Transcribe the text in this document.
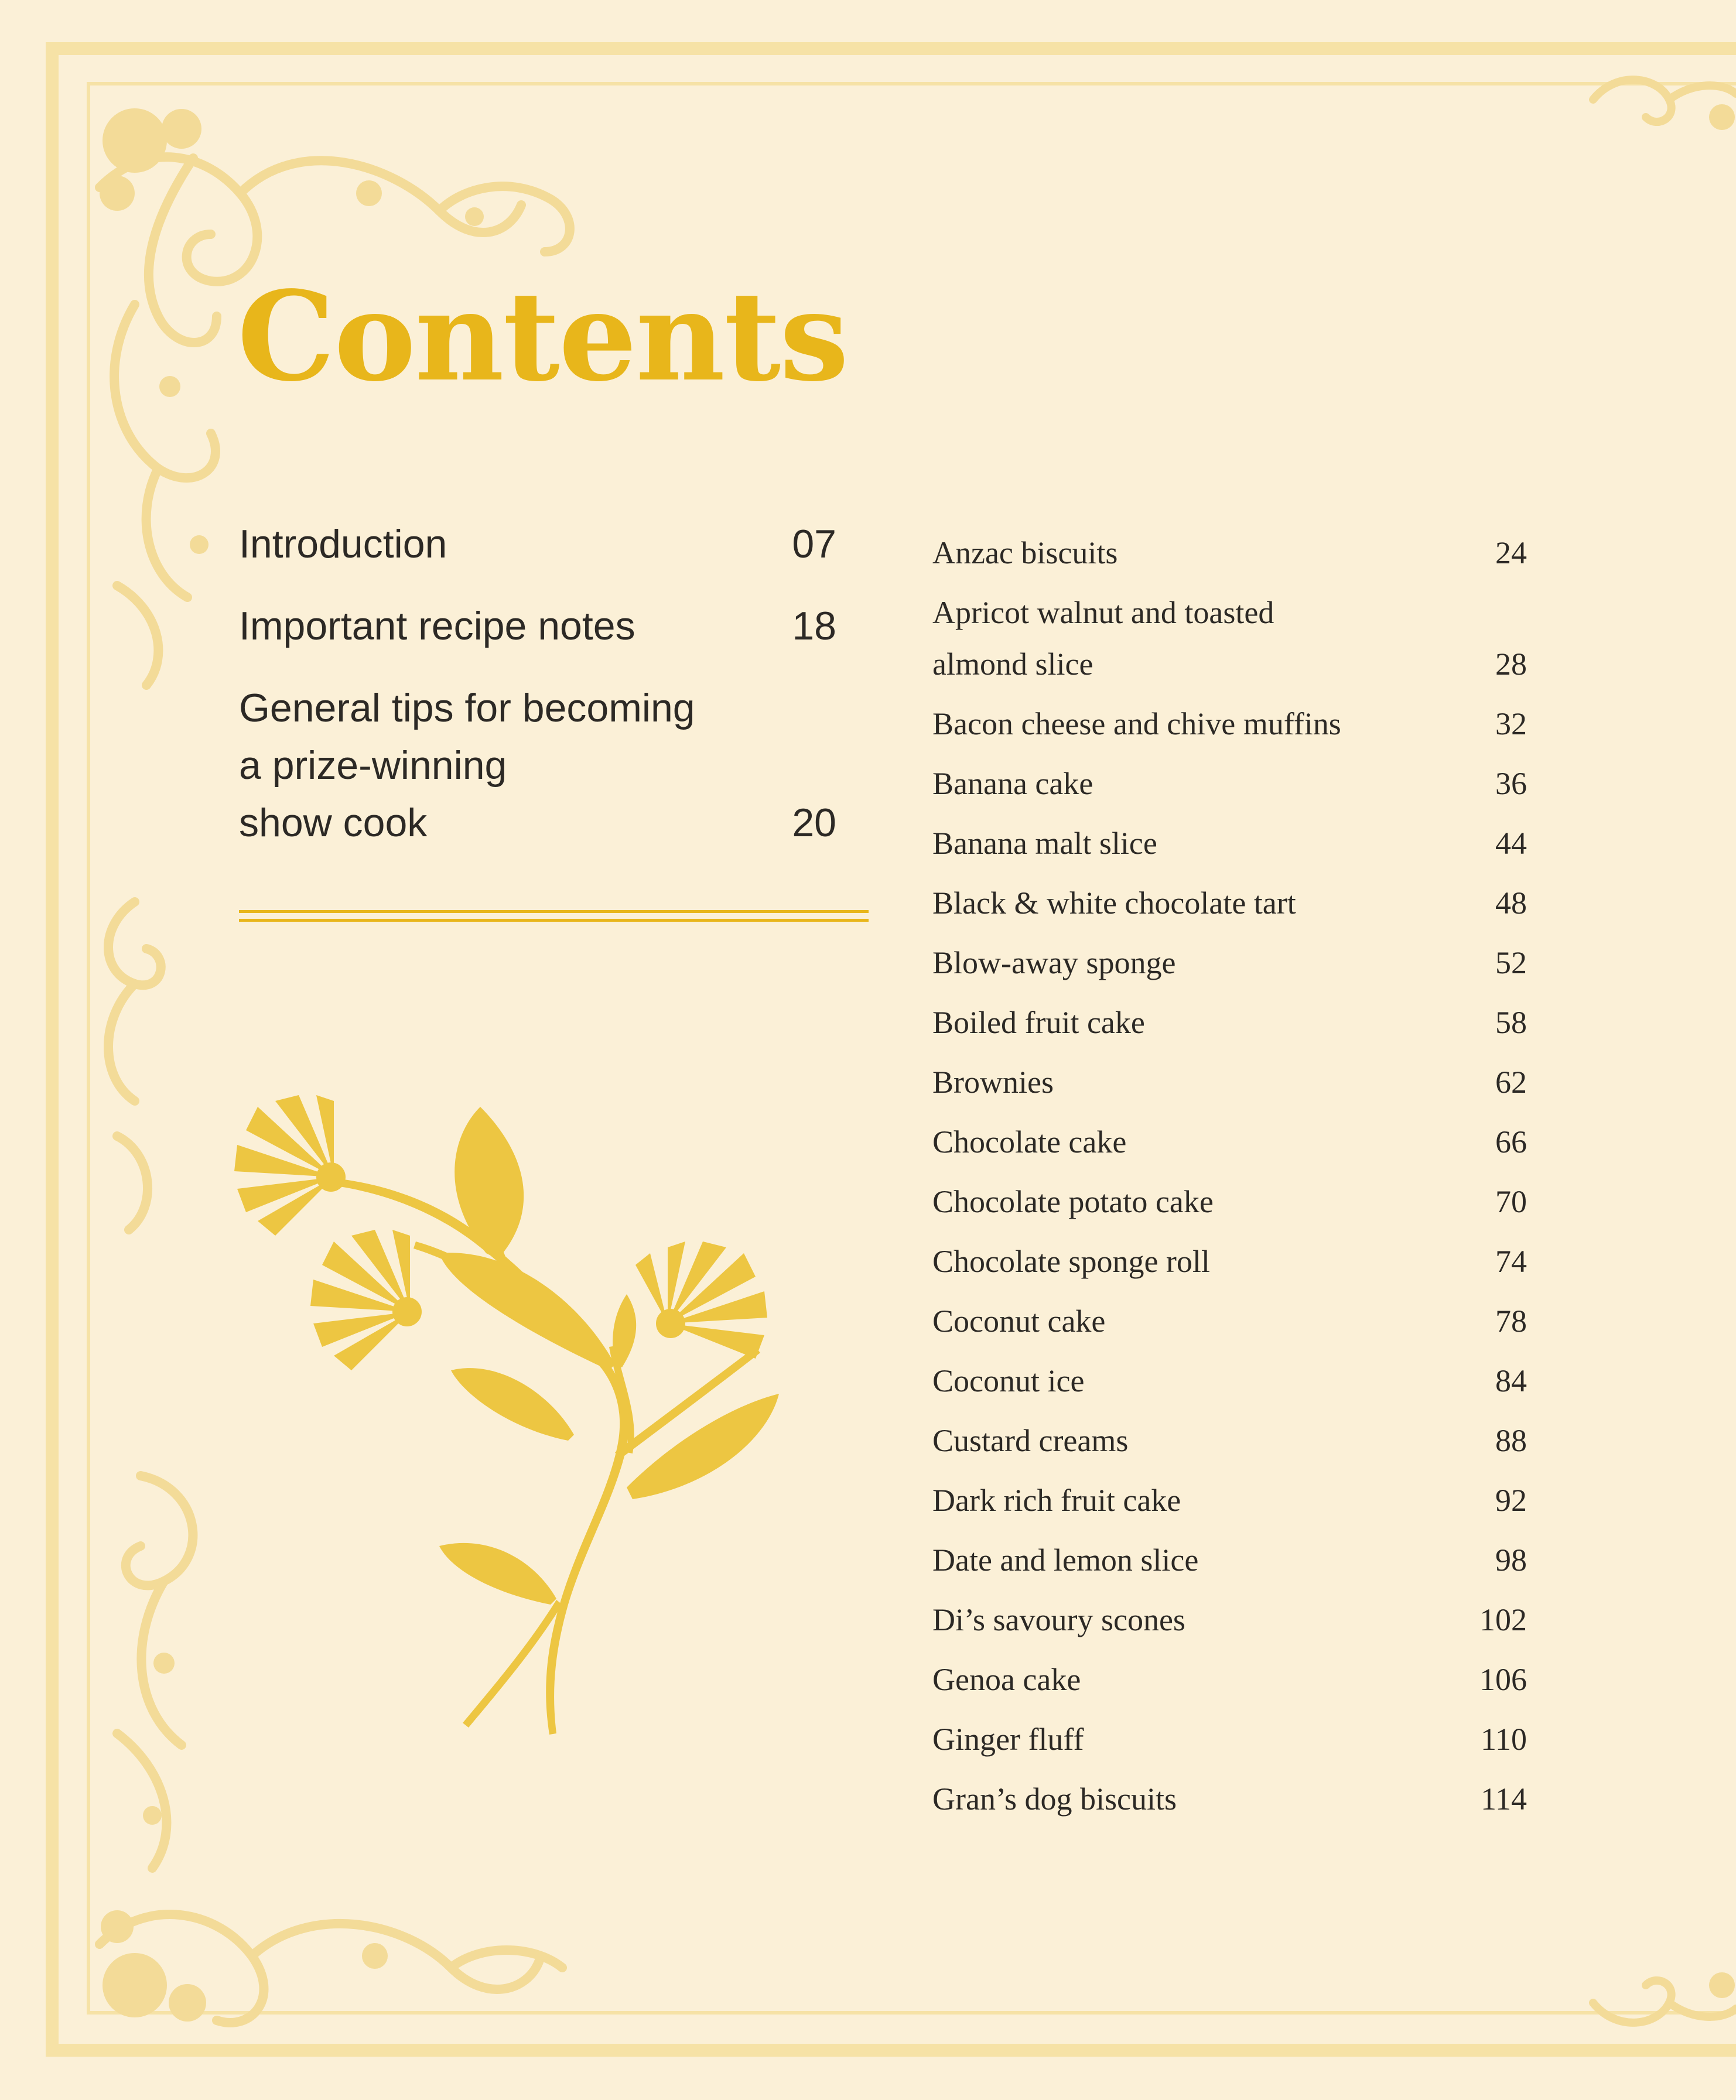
Contents
Introduction	07
Important recipe notes	18
General tips for becoming
a prize-winning
show cook	20
Anzac biscuits	24
Apricot walnut and toasted
almond slice	28
Bacon cheese and chive muffins	32
Banana cake	36
Banana malt slice	44
Black & white chocolate tart	48
Blow-away sponge	52
Boiled fruit cake	58
Brownies	62
Chocolate cake	66
Chocolate potato cake	70
Chocolate sponge roll	74
Coconut cake	78
Coconut ice	84
Custard creams	88
Dark rich fruit cake	92
Date and lemon slice	98
Di’s savoury scones	102
Genoa cake	106
Ginger fluff	110
Gran’s dog biscuits	114
